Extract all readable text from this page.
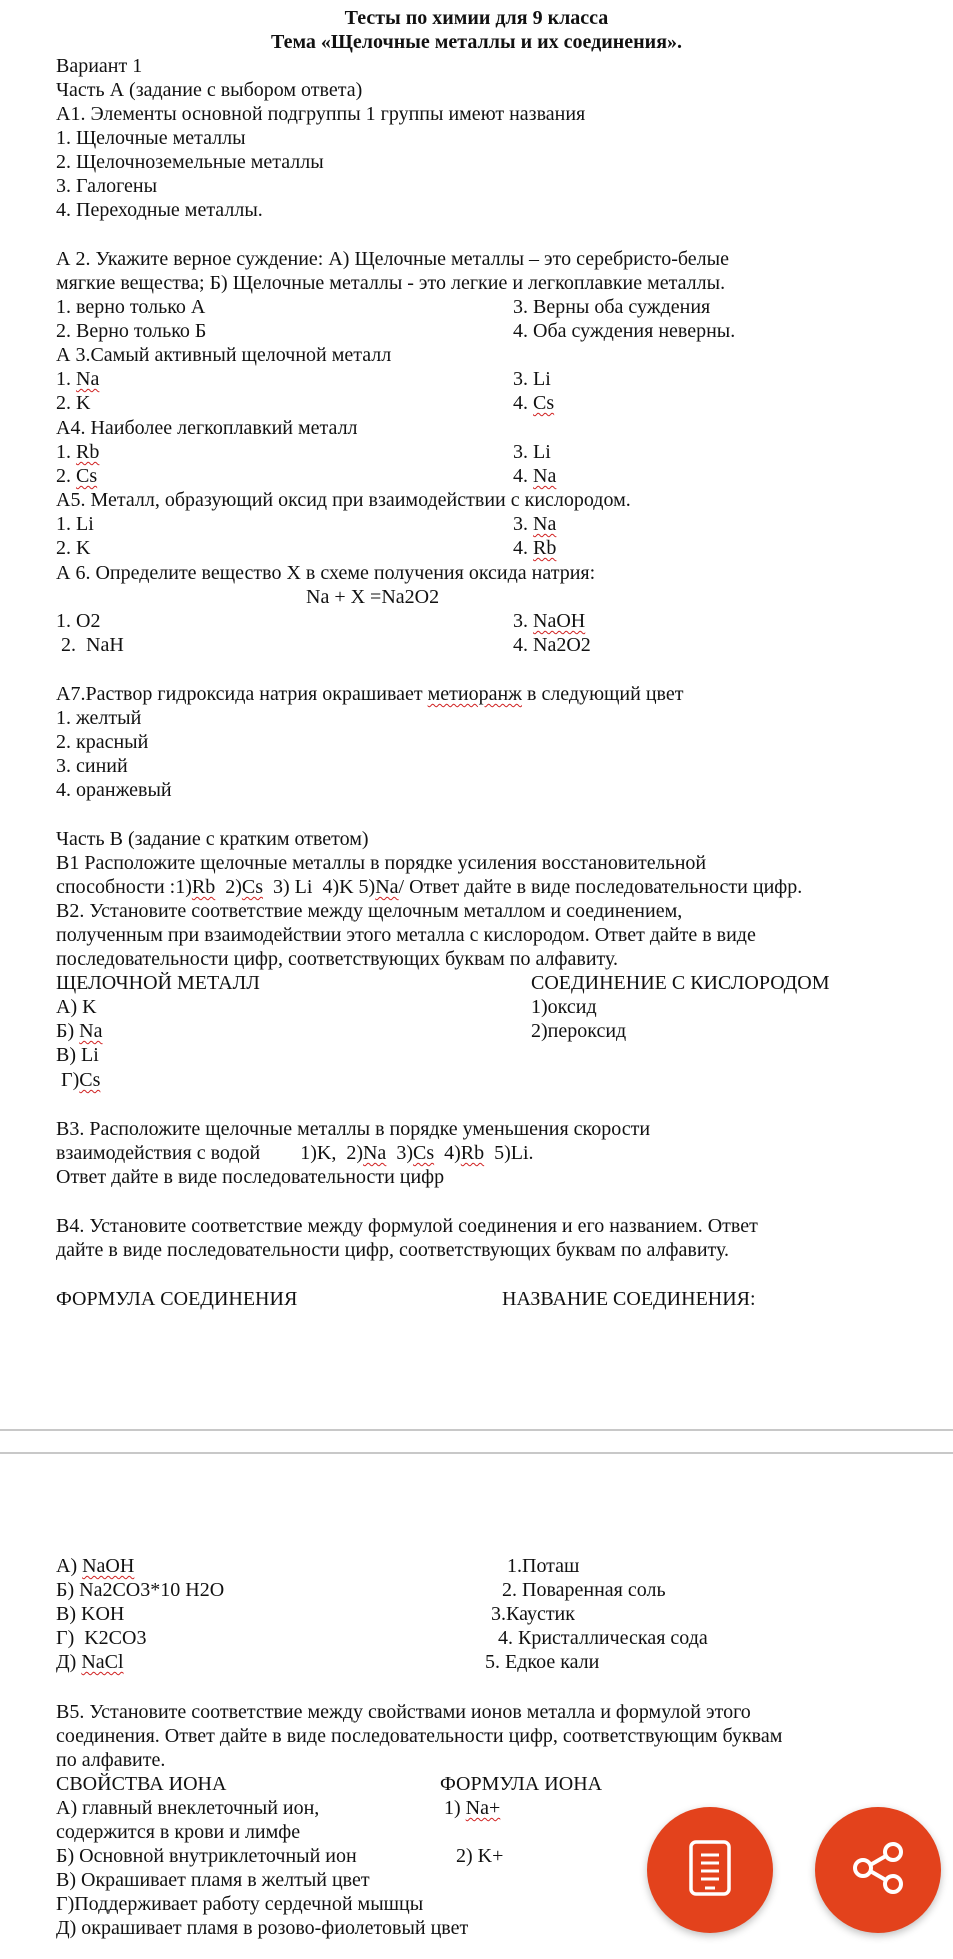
Тесты по химии для 9 класса
Тема «Щелочные металлы и их соединения».
Вариант 1
Часть А (задание с выбором ответа)
А1. Элементы основной подгруппы 1 группы имеют названия
1. Щелочные металлы
2. Щелочноземельные металлы
3. Галогены
4. Переходные металлы.
А 2. Укажите верное суждение: А) Щелочные металлы – это серебристо-белые
мягкие вещества; Б) Щелочные металлы - это легкие и легкоплавкие металлы.
1. верно только А	3. Верны оба суждения
2. Верно только Б	4. Оба суждения неверны.
А 3.Самый активный щелочной металл
1. Na	3. Li
2. K	4. Cs
А4. Наиболее легкоплавкий металл
1. Rb	3. Li
2. Cs	4. Na
А5. Металл, образующий оксид при взаимодействии с кислородом.
1. Li	3. Na
2. K	4. Rb
А 6. Определите вещество Х в схеме получения оксида натрия:
Na + X =Na2O2
1. O2	3. NaOH
2.  NaH	4. Na2O2
А7.Раствор гидроксида натрия окрашивает метиоранж в следующий цвет
1. желтый
2. красный
3. синий
4. оранжевый
Часть В (задание с кратким ответом)
В1 Расположите щелочные металлы в порядке усиления восстановительной
способности :1)Rb  2)Cs  3) Li  4)K 5)Na/ Ответ дайте в виде последовательности цифр.
В2. Установите соответствие между щелочным металлом и соединением,
полученным при взаимодействии этого металла с кислородом. Ответ дайте в виде
последовательности цифр, соответствующих буквам по алфавиту.
ЩЕЛОЧНОЙ МЕТАЛЛ	СОЕДИНЕНИЕ С КИСЛОРОДОМ
А) K	1)оксид
Б) Na	2)пероксид
В) Li
Г)Cs
В3. Расположите щелочные металлы в порядке уменьшения скорости
взаимодействия с водой        1)K,  2)Na  3)Cs  4)Rb  5)Li.
Ответ дайте в виде последовательности цифр
В4. Установите соответствие между формулой соединения и его названием. Ответ
дайте в виде последовательности цифр, соответствующих буквам по алфавиту.
ФОРМУЛА СОЕДИНЕНИЯ	НАЗВАНИЕ СОЕДИНЕНИЯ:
А) NaOH	1.Поташ
Б) Na2CO3*10 H2O	2. Поваренная соль
В) KOH	3.Каустик
Г)  K2CO3	4. Кристаллическая сода
Д) NaCl	5. Едкое кали
В5. Установите соответствие между свойствами ионов металла и формулой этого
соединения. Ответ дайте в виде последовательности цифр, соответствующим буквам
по алфавите.
СВОЙСТВА ИОНА	ФОРМУЛА ИОНА
А) главный внеклеточный ион,	1) Na+
содержится в крови и лимфе
Б) Основной внутриклеточный ион	2) K+
В) Окрашивает пламя в желтый цвет
Г)Поддерживает работу сердечной мышцы
Д) окрашивает пламя в розово-фиолетовый цвет
